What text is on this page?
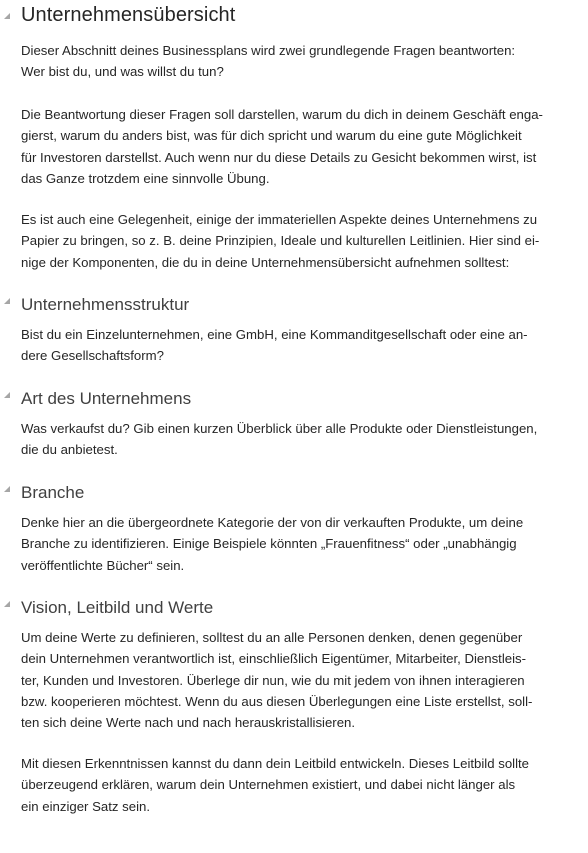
Unternehmensübersicht

Dieser Abschnitt deines Businessplans wird zwei grundlegende Fragen beantworten:
Wer bist du, und was willst du tun?

Die Beantwortung dieser Fragen soll darstellen, warum du dich in deinem Geschäft enga-
gierst, warum du anders bist, was für dich spricht und warum du eine gute Möglichkeit
für Investoren darstellst. Auch wenn nur du diese Details zu Gesicht bekommen wirst, ist
das Ganze trotzdem eine sinnvolle Übung.

Es ist auch eine Gelegenheit, einige der immateriellen Aspekte deines Unternehmens zu
Papier zu bringen, so z. B. deine Prinzipien, Ideale und kulturellen Leitlinien. Hier sind ei-
nige der Komponenten, die du in deine Unternehmensübersicht aufnehmen solltest:

Unternehmensstruktur

Bist du ein Einzelunternehmen, eine GmbH, eine Kommanditgesellschaft oder eine an-
dere Gesellschaftsform?

Art des Unternehmens

Was verkaufst du? Gib einen kurzen Überblick über alle Produkte oder Dienstleistungen,
die du anbietest.

Branche

Denke hier an die übergeordnete Kategorie der von dir verkauften Produkte, um deine
Branche zu identifizieren. Einige Beispiele könnten „Frauenfitness“ oder „unabhängig
veröffentlichte Bücher“ sein.

Vision, Leitbild und Werte

Um deine Werte zu definieren, solltest du an alle Personen denken, denen gegenüber
dein Unternehmen verantwortlich ist, einschließlich Eigentümer, Mitarbeiter, Dienstleis-
ter, Kunden und Investoren. Überlege dir nun, wie du mit jedem von ihnen interagieren
bzw. kooperieren möchtest. Wenn du aus diesen Überlegungen eine Liste erstellst, soll-
ten sich deine Werte nach und nach herauskristallisieren.

Mit diesen Erkenntnissen kannst du dann dein Leitbild entwickeln. Dieses Leitbild sollte
überzeugend erklären, warum dein Unternehmen existiert, und dabei nicht länger als
ein einziger Satz sein.
